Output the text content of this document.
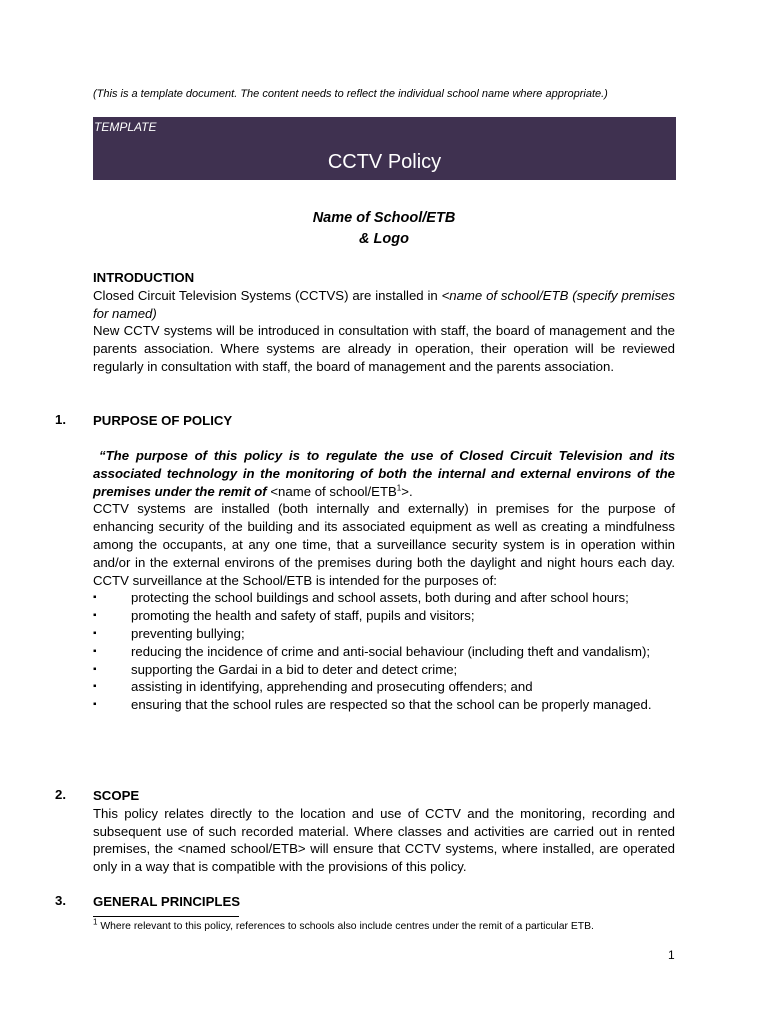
(This is a template document. The content needs to reflect the individual school name where appropriate.)
TEMPLATE
CCTV Policy
Name of School/ETB
& Logo
INTRODUCTION

Closed Circuit Television Systems (CCTVS) are installed in <name of school/ETB (specify premises for named)

New CCTV systems will be introduced in consultation with staff, the board of management and the parents association. Where systems are already in operation, their operation will be reviewed regularly in consultation with staff, the board of management and the parents association.

1. PURPOSE OF POLICY

“The purpose of this policy is to regulate the use of Closed Circuit Television and its associated technology in the monitoring of both the internal and external environs of the premises under the remit of <name of school/$ETB^1>$.

CCTV systems are installed (both internally and externally) in premises for the purpose of enhancing security of the building and its associated equipment as well as creating a mindfulness among the occupants, at any one time, that a surveillance security system is in operation within and/or in the external environs of the premises during both the daylight and night hours each day. CCTV surveillance at the School/ETB is intended for the purposes of:

▪	protecting the school buildings and school assets, both during and after school hours;
▪	promoting the health and safety of staff, pupils and visitors;
▪	preventing bullying;
▪	reducing the incidence of crime and anti-social behaviour (including theft and vandalism);
▪	supporting the Gardai in a bid to deter and detect crime;
▪	assisting in identifying, apprehending and prosecuting offenders; and
▪	ensuring that the school rules are respected so that the school can be properly managed.
2. SCOPE

This policy relates directly to the location and use of CCTV and the monitoring, recording and subsequent use of such recorded material. Where classes and activities are carried out in rented premises, the <named school/ETB> will ensure that CCTV systems, where installed, are operated only in a way that is compatible with the provisions of this policy.

3. GENERAL PRINCIPLES
$^1$ Where relevant to this policy, references to schools also include centres under the remit of a particular ETB.
1
